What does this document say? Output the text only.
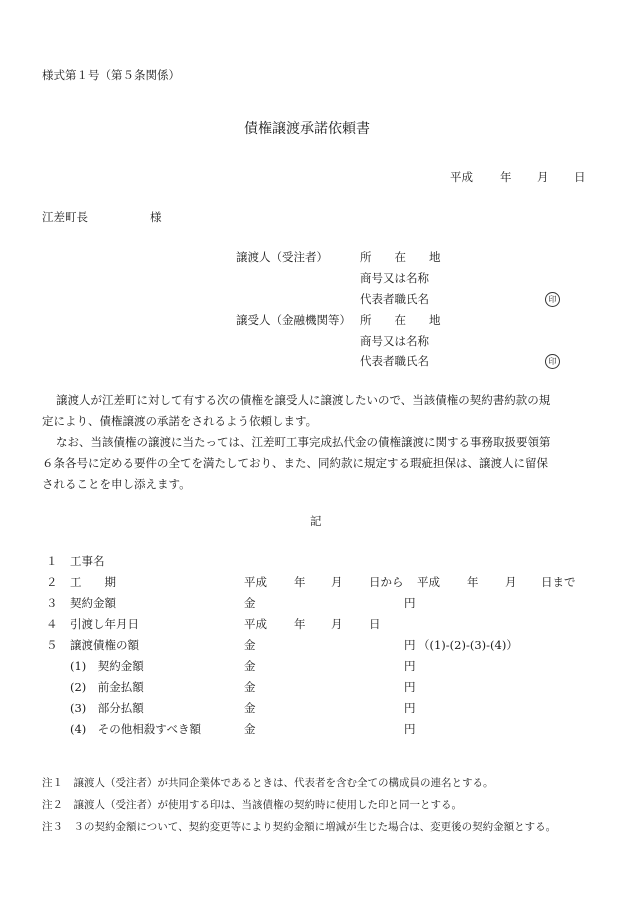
様式第１号（第５条関係）
債権譲渡承諾依頼書
平成 年 月 日
江差町長	様
譲渡人（受注者）	所　　在　　地
商号又は名称
代表者職氏名	印
譲受人（金融機関等） 所　　在　　地
商号又は名称
代表者職氏名	印
譲渡人が江差町に対して有する次の債権を譲受人に譲渡したいので、当該債権の契約書約款の規
定により、債権譲渡の承諾をされるよう依頼します。
なお、当該債権の譲渡に当たっては、江差町工事完成払代金の債権譲渡に関する事務取扱要領第
６条各号に定める要件の全てを満たしており、また、同約款に規定する瑕疵担保は、譲渡人に留保
されることを申し添えます。
記
１ 工事名
２ 工　　期	平成 年 月 日から 平成 年 月 日まで
３ 契約金額	金	円
４ 引渡し年月日	平成 年 月 日
５ 譲渡債権の額	金	円 （(1)-(2)-(3)-(4)）
(1)　契約金額	金	円
(2)　前金払額	金	円
(3)　部分払額	金	円
(4)　その他相殺すべき額	金	円
注１　譲渡人（受注者）が共同企業体であるときは、代表者を含む全ての構成員の連名とする。
注２　譲渡人（受注者）が使用する印は、当該債権の契約時に使用した印と同一とする。
注３　３の契約金額について、契約変更等により契約金額に増減が生じた場合は、変更後の契約金額とする。
